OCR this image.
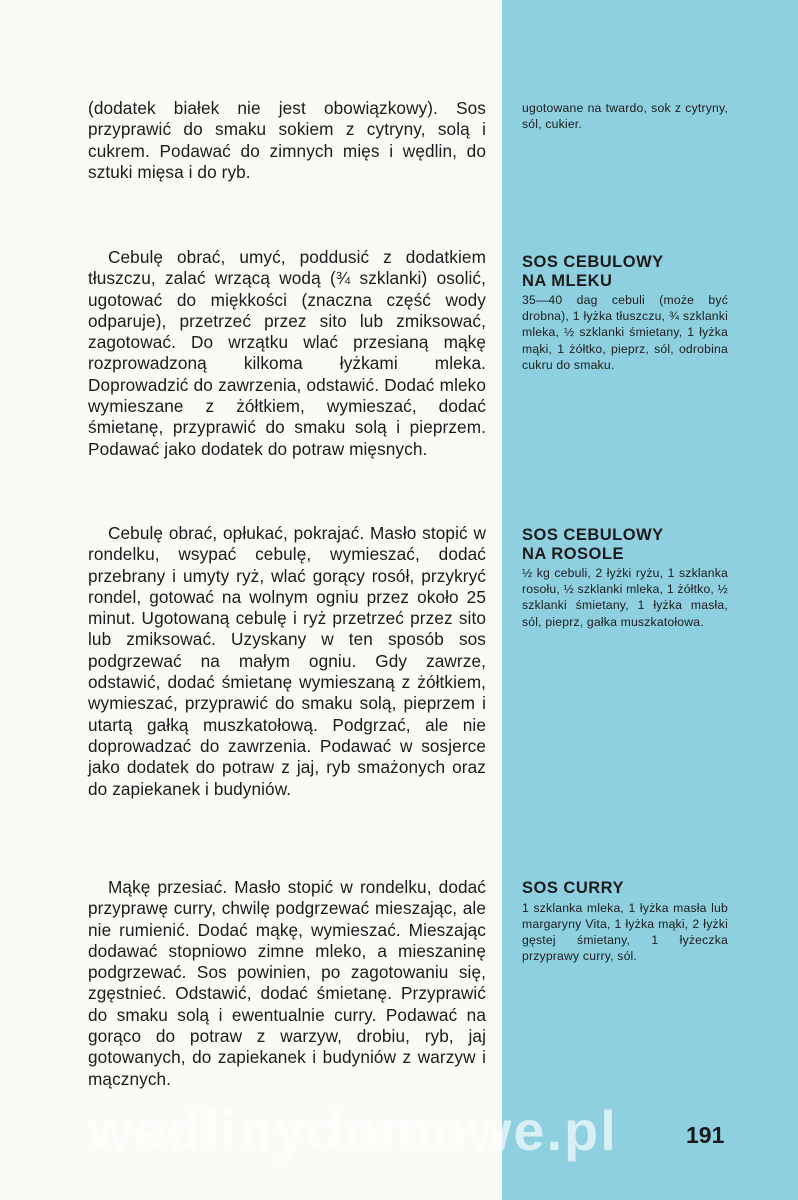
(dodatek białek nie jest obowiązkowy). Sos przyprawić do smaku sokiem z cytryny, solą i cukrem. Podawać do zimnych mięs i wędlin, do sztuki mięsa i do ryb.

ugotowane na twardo, sok z cytryny, sól, cukier.

Cebulę obrać, umyć, poddusić z dodatkiem tłuszczu, zalać wrzącą wodą (¾ szklanki) osolić, ugotować do miękkości (znaczna część wody odparuje), przetrzeć przez sito lub zmiksować, zagotować. Do wrzątku wlać przesianą mąkę rozprowadzoną kilkoma łyżkami mleka. Doprowadzić do zawrzenia, odstawić. Dodać mleko wymieszane z żółtkiem, wymieszać, dodać śmietanę, przyprawić do smaku solą i pieprzem. Podawać jako dodatek do potraw mięsnych.

SOS CEBULOWY
NA MLEKU

35—40 dag cebuli (może być drobna), 1 łyżka tłuszczu, ¾ szklanki mleka, ½ szklanki śmietany, 1 łyżka mąki, 1 żółtko, pieprz, sól, odrobina cukru do smaku.

Cebulę obrać, opłukać, pokrajać. Masło stopić w rondelku, wsypać cebulę, wymieszać, dodać przebrany i umyty ryż, wlać gorący rosół, przykryć rondel, gotować na wolnym ogniu przez około 25 minut. Ugotowaną cebulę i ryż przetrzeć przez sito lub zmiksować. Uzyskany w ten sposób sos podgrzewać na małym ogniu. Gdy zawrze, odstawić, dodać śmietanę wymieszaną z żółtkiem, wymieszać, przyprawić do smaku solą, pieprzem i utartą gałką muszkatołową. Podgrzać, ale nie doprowadzać do zawrzenia. Podawać w sosjerce jako dodatek do potraw z jaj, ryb smażonych oraz do zapiekanek i budyniów.

SOS CEBULOWY
NA ROSOLE

½ kg cebuli, 2 łyżki ryżu, 1 szklanka rosołu, ½ szklanki mleka, 1 żółtko, ½ szklanki śmietany, 1 łyżka masła, sól, pieprz, gałka muszkatołowa.

Mąkę przesiać. Masło stopić w rondelku, dodać przyprawę curry, chwilę podgrzewać mieszając, ale nie rumienić. Dodać mąkę, wymieszać. Mieszając dodawać stopniowo zimne mleko, a mieszaninę podgrzewać. Sos powinien, po zagotowaniu się, zgęstnieć. Odstawić, dodać śmietanę. Przyprawić do smaku solą i ewentualnie curry. Podawać na gorąco do potraw z warzyw, drobiu, ryb, jaj gotowanych, do zapiekanek i budyniów z warzyw i mącznych.

SOS CURRY

1 szklanka mleka, 1 łyżka masła lub margaryny Vita, 1 łyżka mąki, 2 łyżki gęstej śmietany, 1 łyżeczka przyprawy curry, sól.

wedlinydomowe.pl	191
